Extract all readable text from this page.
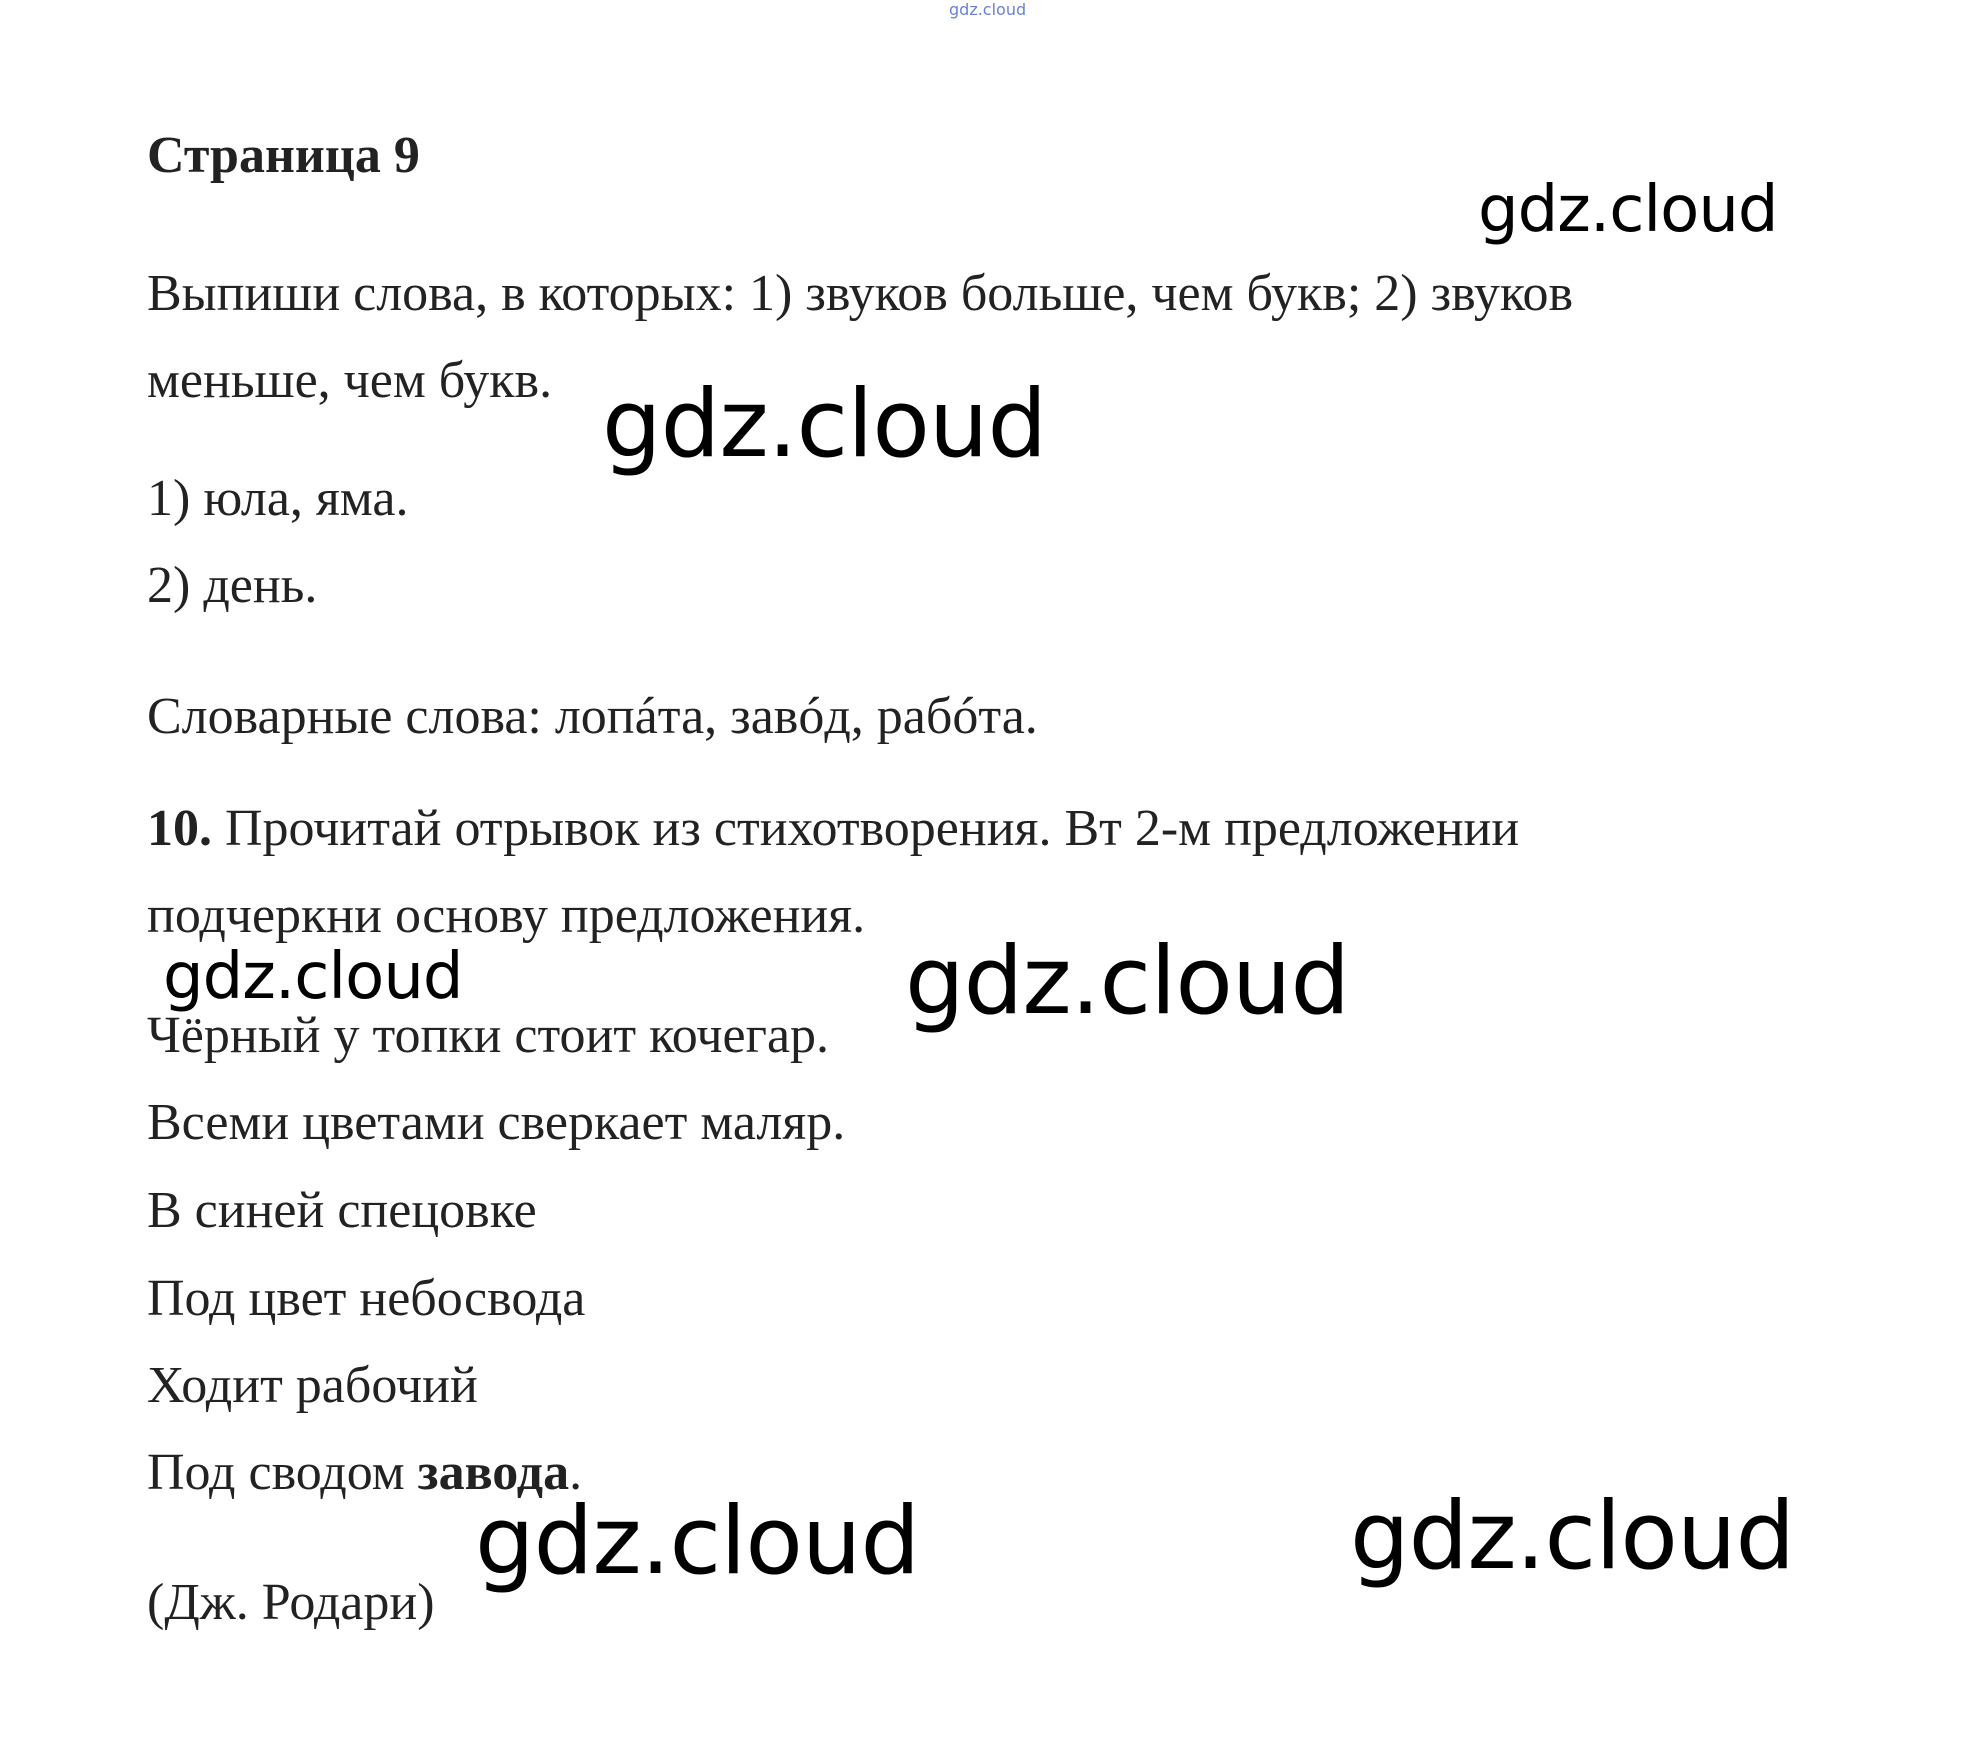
gdz.cloud
Страница 9
Выпиши слова, в которых: 1) звуков больше, чем букв; 2) звуков
меньше, чем букв.
1) юла, яма.
2) день.
Словарные слова: лопáта, завóд, рабóта.
10. Прочитай отрывок из стихотворения. Вт 2-м предложении
подчеркни основу предложения.
Чёрный у топки стоит кочегар.
Всеми цветами сверкает маляр.
В синей спецовке
Под цвет небосвода
Ходит рабочий
Под сводом завода.
(Дж. Родари)
gdz.cloud
gdz.cloud
gdz.cloud	gdz.cloud
gdz.cloud	gdz.cloud
